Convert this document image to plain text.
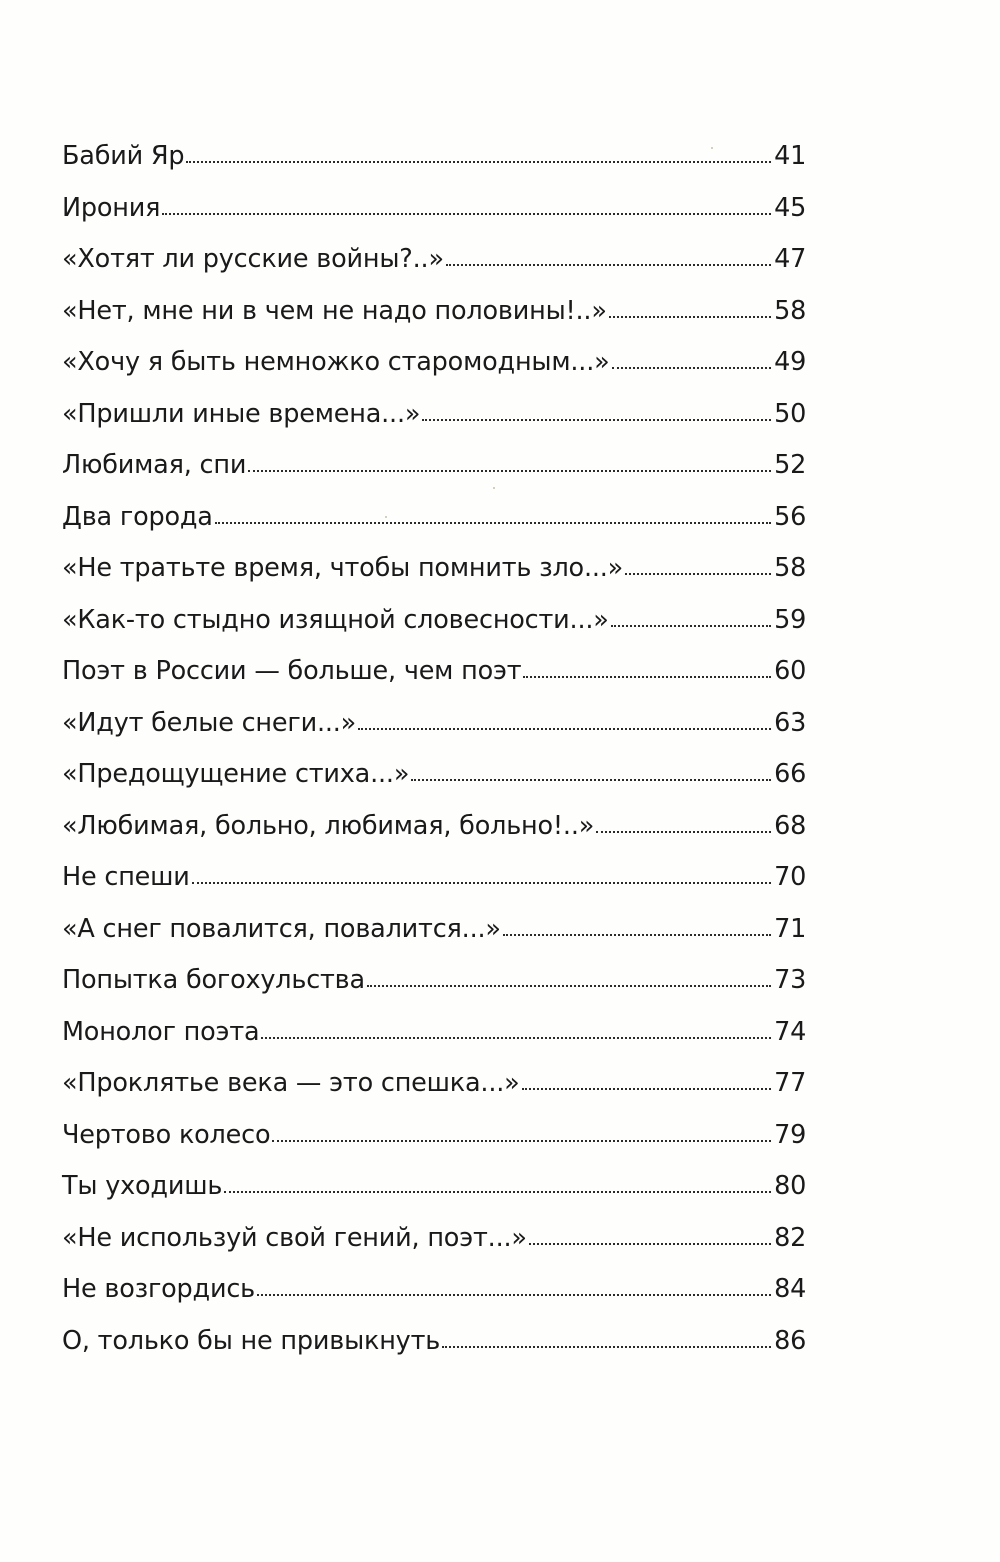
Бабий Яр	41
Ирония	45
«Хотят ли русские войны?..»	47
«Нет, мне ни в чем не надо половины!..»	58
«Хочу я быть немножко старомодным...»	49
«Пришли иные времена...»	50
Любимая, спи	52
Два города	56
«Не тратьте время, чтобы помнить зло...»	58
«Как-то стыдно изящной словесности...»	59
Поэт в России — больше, чем поэт	60
«Идут белые снеги...»	63
«Предощущение стиха...»	66
«Любимая, больно, любимая, больно!..»	68
Не спеши	70
«А снег повалится, повалится...»	71
Попытка богохульства	73
Монолог поэта	74
«Проклятье века — это спешка...»	77
Чертово колесо	79
Ты уходишь	80
«Не используй свой гений, поэт...»	82
Не возгордись	84
О, только бы не привыкнуть	86
